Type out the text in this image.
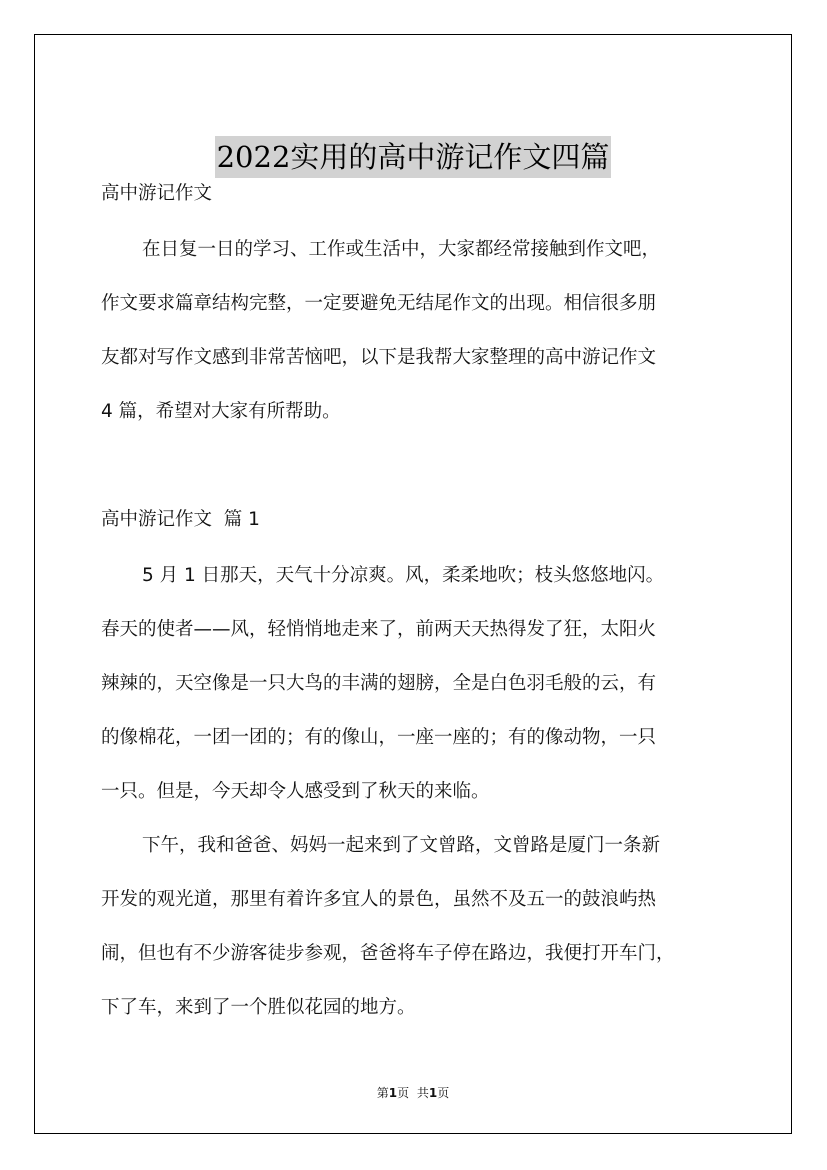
2022实用的高中游记作文四篇

高中游记作文

在日复一日的学习、工作或生活中，大家都经常接触到作文吧，
作文要求篇章结构完整，一定要避免无结尾作文的出现。相信很多朋
友都对写作文感到非常苦恼吧，以下是我帮大家整理的高中游记作文
4 篇，希望对大家有所帮助。

高中游记作文  篇 1

5 月 1 日那天，天气十分凉爽。风，柔柔地吹；枝头悠悠地闪。
春天的使者——风，轻悄悄地走来了，前两天天热得发了狂，太阳火
辣辣的，天空像是一只大鸟的丰满的翅膀，全是白色羽毛般的云，有
的像棉花，一团一团的；有的像山，一座一座的；有的像动物，一只
一只。但是，今天却令人感受到了秋天的来临。
下午，我和爸爸、妈妈一起来到了文曾路，文曾路是厦门一条新
开发的观光道，那里有着许多宜人的景色，虽然不及五一的鼓浪屿热
闹，但也有不少游客徒步参观，爸爸将车子停在路边，我便打开车门，
下了车，来到了一个胜似花园的地方。
第1页 共1页
